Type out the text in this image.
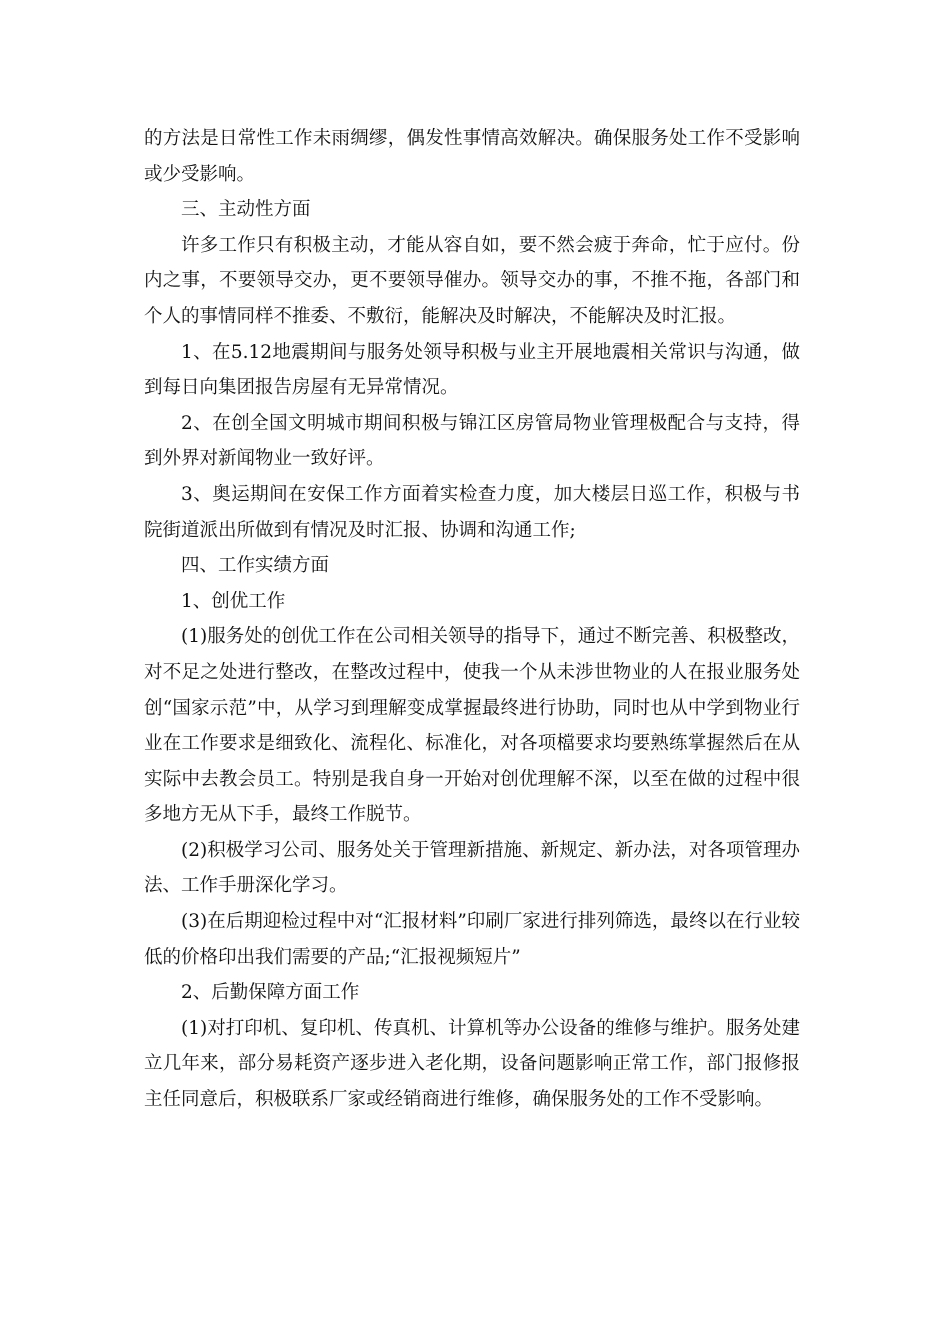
的方法是日常性工作未雨绸缪，偶发性事情高效解决。确保服务处工作不受影响或少受影响。

三、主动性方面

许多工作只有积极主动，才能从容自如，要不然会疲于奔命，忙于应付。份内之事，不要领导交办，更不要领导催办。领导交办的事，不推不拖，各部门和个人的事情同样不推委、不敷衍，能解决及时解决，不能解决及时汇报。

1、在5.12地震期间与服务处领导积极与业主开展地震相关常识与沟通，做到每日向集团报告房屋有无异常情况。

2、在创全国文明城市期间积极与锦江区房管局物业管理极配合与支持，得到外界对新闻物业一致好评。

3、奥运期间在安保工作方面着实检查力度，加大楼层日巡工作，积极与书院街道派出所做到有情况及时汇报、协调和沟通工作;

四、工作实绩方面

1、创优工作

(1)服务处的创优工作在公司相关领导的指导下，通过不断完善、积极整改，对不足之处进行整改，在整改过程中，使我一个从未涉世物业的人在报业服务处创“国家示范”中，从学习到理解变成掌握最终进行协助，同时也从中学到物业行业在工作要求是细致化、流程化、标准化，对各项檔要求均要熟练掌握然后在从实际中去教会员工。特别是我自身一开始对创优理解不深，以至在做的过程中很多地方无从下手，最终工作脱节。

(2)积极学习公司、服务处关于管理新措施、新规定、新办法，对各项管理办法、工作手册深化学习。

(3)在后期迎检过程中对“汇报材料”印刷厂家进行排列筛选，最终以在行业较低的价格印出我们需要的产品;“汇报视频短片”

2、后勤保障方面工作

(1)对打印机、复印机、传真机、计算机等办公设备的维修与维护。服务处建立几年来，部分易耗资产逐步进入老化期，设备问题影响正常工作，部门报修报主任同意后，积极联系厂家或经销商进行维修，确保服务处的工作不受影响。
